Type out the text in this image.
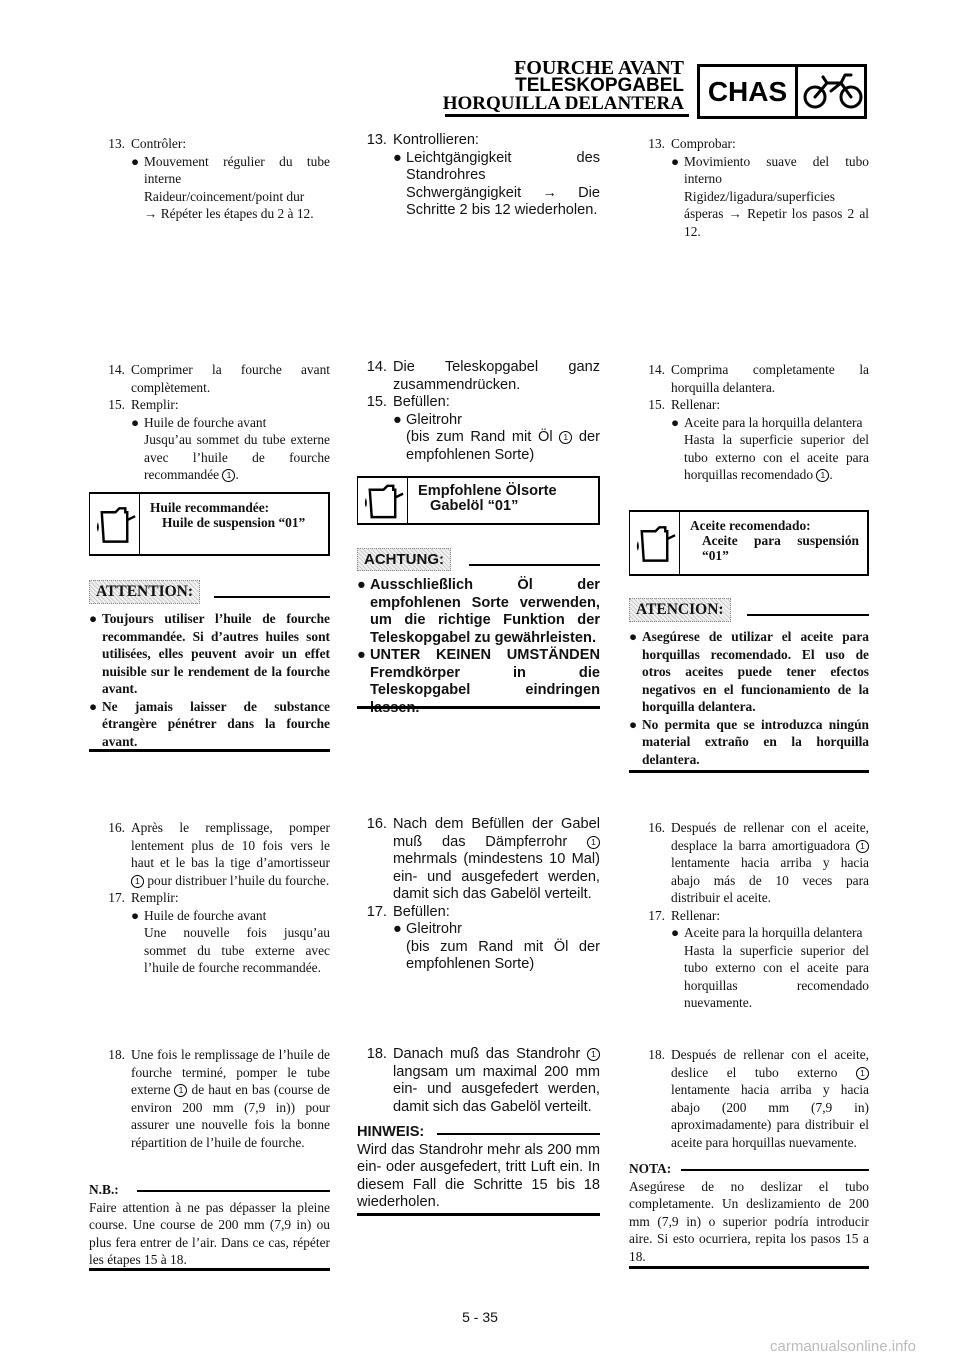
FOURCHE AVANT
TELESKOPGABEL
HORQUILLA DELANTERA CHAS
13. Contrôler:
● Mouvement régulier du tube interne
Raideur/coincement/point dur
→ Répéter les étapes du 2 à 12.
14. Comprimer la fourche avant complètement.
15. Remplir:
● Huile de fourche avant
Jusqu’au sommet du tube externe avec l’huile de fourche recommandée 1 .
Huile recommandée:
Huile de suspension “01”
ATTENTION:
● Toujours utiliser l’huile de fourche recommandée. Si d’autres huiles sont utilisées, elles peuvent avoir un effet nuisible sur le rendement de la fourche avant.
● Ne jamais laisser de substance étrangère pénétrer dans la fourche avant.
16. Après le remplissage, pomper lentement plus de 10 fois vers le haut et le bas la tige d’amortisseur 1 pour distribuer l’huile du fourche.
17. Remplir:
● Huile de fourche avant
Une nouvelle fois jusqu’au sommet du tube externe avec l’huile de fourche recommandée.
18. Une fois le remplissage de l’huile de fourche terminé, pomper le tube externe 1 de haut en bas (course de environ 200 mm (7,9 in)) pour assurer une nouvelle fois la bonne répartition de l’huile de fourche.
N.B.:
Faire attention à ne pas dépasser la pleine course. Une course de 200 mm (7,9 in) ou plus fera entrer de l’air. Dans ce cas, répéter les étapes 15 à 18.
13. Kontrollieren:
● Leichtgängigkeit des Standrohres
Schwergängigkeit → Die Schritte 2 bis 12 wiederholen.
14. Die Teleskopgabel ganz zusammendrücken.
15. Befüllen:
● Gleitrohr
(bis zum Rand mit Öl 1 der empfohlenen Sorte)
Empfohlene Ölsorte
Gabelöl “01”
ACHTUNG:
● Ausschließlich Öl der empfohlenen Sorte verwenden, um die richtige Funktion der Teleskopgabel zu gewährleisten.
● UNTER KEINEN UMSTÄNDEN Fremdkörper in die Teleskopgabel eindringen
16. Nach dem Befüllen der Gabel muß das Dämpferrohr	1 mehrmals (mindestens 10 Mal) ein- und ausgefedert werden, damit sich das Gabelöl verteilt.
17. Befüllen:
● Gleitrohr
(bis zum Rand mit Öl der empfohlenen Sorte)
18. Danach muß das Standrohr 1 langsam um maximal 200 mm ein- und ausgefedert werden, damit sich das Gabelöl verteilt.
HINWEIS:
Wird das Standrohr mehr als 200 mm ein- oder ausgefedert, tritt Luft ein. In diesem Fall die Schritte 15 bis 18 wiederholen.
13. Comprobar:
● Movimiento suave del tubo interno
Rigidez/ligadura/superficies ásperas → Repetir los pasos 2 al 12.
14. Comprima completamente la horquilla delantera.
15. Rellenar:
● Aceite para la horquilla delantera
Hasta la superficie superior del tubo externo con el aceite para horquillas recomendado 1 .
Aceite recomendado:
Aceite para suspensión “01”
ATENCION:
● Asegúrese de utilizar el aceite para horquillas recomendado. El uso de otros aceites puede tener efectos negativos en el funcionamiento de la horquilla delantera.
● No permita que se introduzca ningún material extraño en la horquilla delantera.
16. Después de rellenar con el aceite, desplace la barra amortiguadora 1 lentamente hacia arriba y hacia abajo más de 10 veces para distribuir el aceite.
17. Rellenar:
● Aceite para la horquilla delantera
Hasta la superficie superior del tubo externo con el aceite para horquillas recomendado nuevamente.
18. Después de rellenar con el aceite, deslice el tubo externo	1 lentamente hacia arriba y hacia abajo (200 mm (7,9 in) aproximadamente) para distribuir el aceite para horquillas nuevamente.
NOTA:
Asegúrese de no deslizar el tubo completamente. Un deslizamiento de 200 mm (7,9 in) o superior podría introducir aire. Si esto ocurriera, repita los pasos 15 a 18.
5 - 35
carmanualsonline.info
